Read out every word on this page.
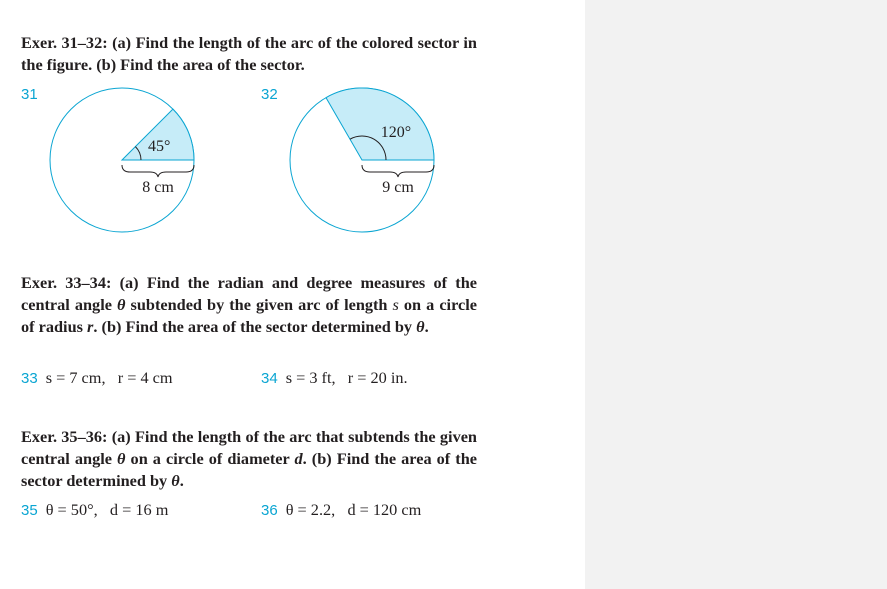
Exer. 31–32: (a) Find the length of the arc of the colored sector in the figure. (b) Find the area of the sector.
31	32
45°
8 cm
120°
9 cm
Exer. 33–34: (a) Find the radian and degree measures of the central angle θ subtended by the given arc of length s on a circle of radius r. (b) Find the area of the sector determined by θ.
33 s = 7 cm,   r = 4 cm	34 s = 3 ft,   r = 20 in.
Exer. 35–36: (a) Find the length of the arc that subtends the given central angle θ on a circle of diameter d. (b) Find the area of the sector determined by θ.
35 θ = 50°,   d = 16 m	36 θ = 2.2,   d = 120 cm
